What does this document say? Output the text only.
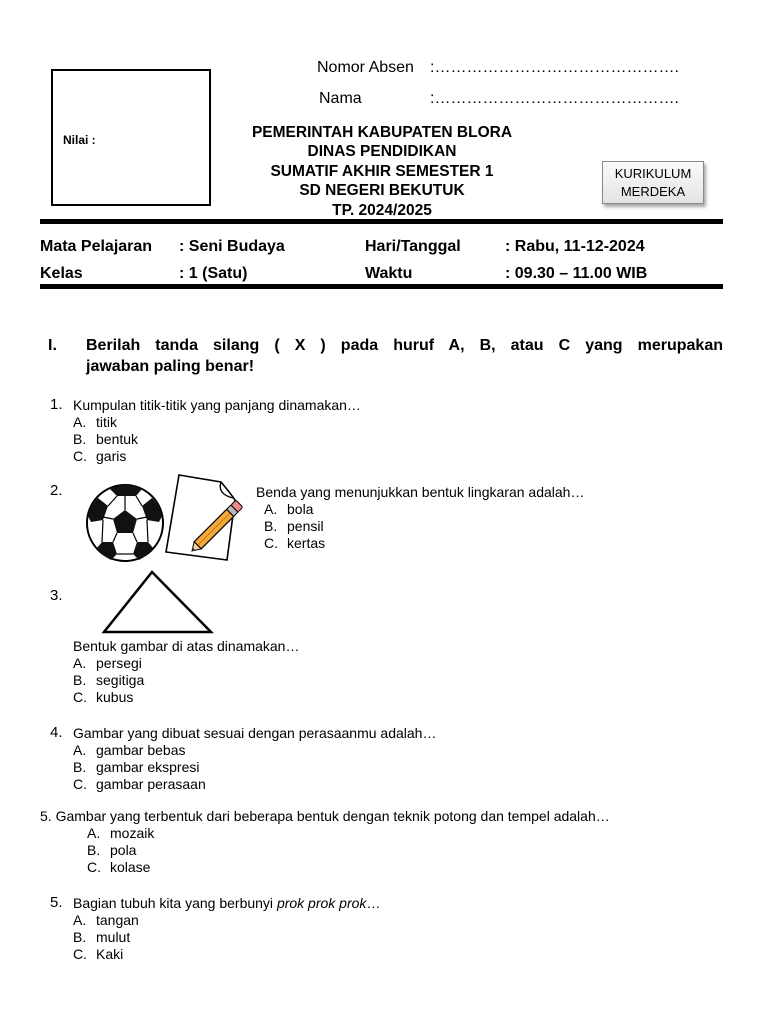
Nomor Absen :……………………………………….
Nama	:……………………………………….
Nilai :	PEMERINTAH KABUPATEN BLORA
DINAS PENDIDIKAN
SUMATIF AKHIR SEMESTER 1
SD NEGERI BEKUTUK
TP. 2024/2025
KURIKULUM
MERDEKA
Mata Pelajaran : Seni Budaya	Hari/Tanggal	: Rabu, 11-12-2024
Kelas	: 1 (Satu)	Waktu	: 09.30 – 11.00 WIB
I. Berilah tanda silang ( X ) pada huruf A, B, atau C yang merupakan
jawaban paling benar!
1. Kumpulan titik-titik yang panjang dinamakan…
A. titik
B. bentuk
C. garis
2.	Benda yang menunjukkan bentuk lingkaran adalah…
A. bola
B. pensil
C. kertas
3.
Bentuk gambar di atas dinamakan…
A. persegi
B. segitiga
C. kubus
4. Gambar yang dibuat sesuai dengan perasaanmu adalah…
A. gambar bebas
B. gambar ekspresi
C. gambar perasaan
5. Gambar yang terbentuk dari beberapa bentuk dengan teknik potong dan tempel adalah…
A. mozaik
B. pola
C. kolase
5. Bagian tubuh kita yang berbunyi prok prok prok…
A. tangan
B. mulut
C. Kaki
